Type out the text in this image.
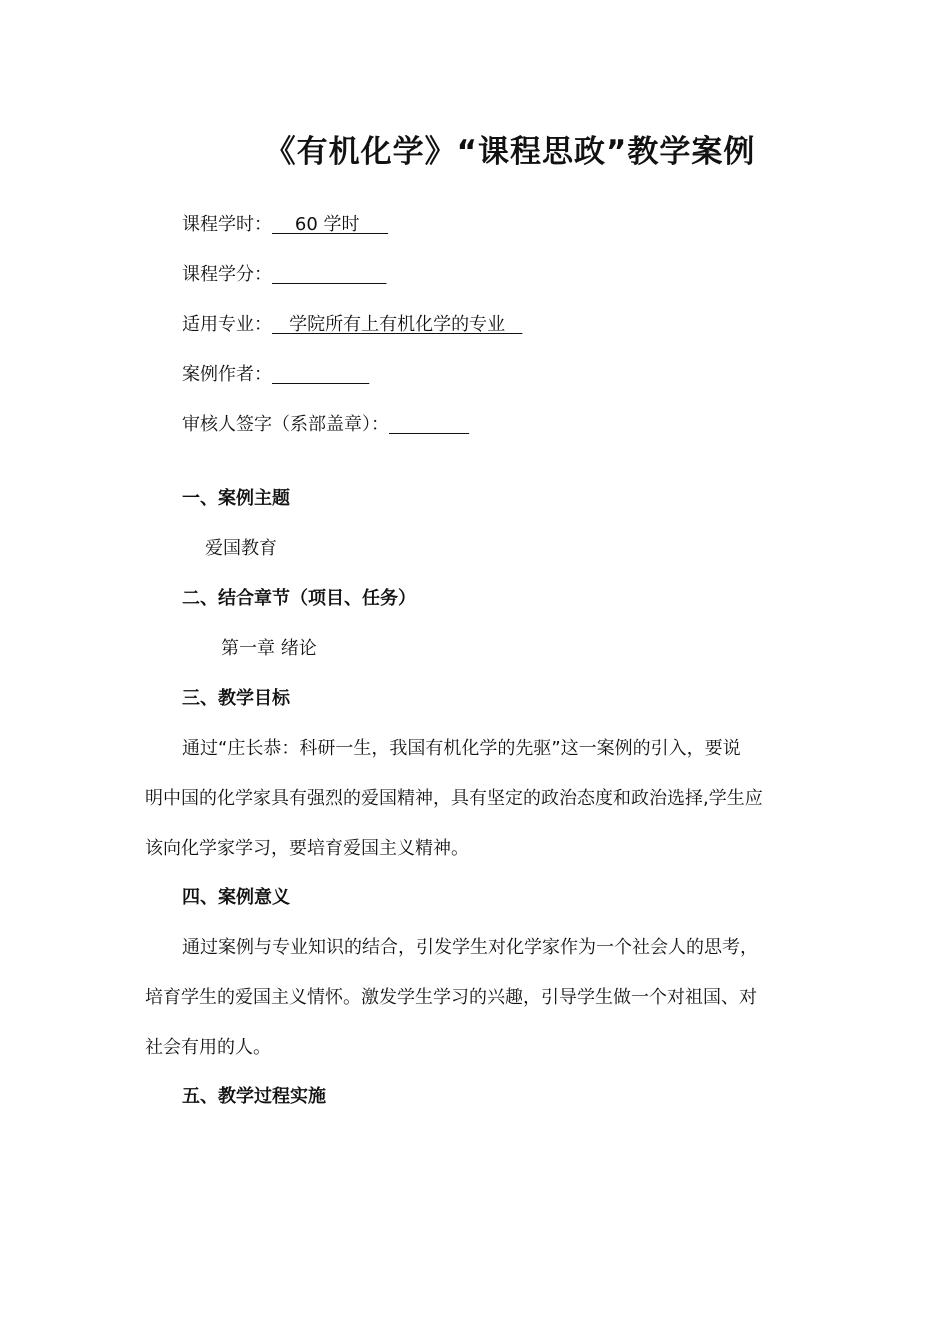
《有机化学》“课程思政”教学案例
课程学时：    60 学时
课程学分：
适用专业：   学院所有上有机化学的专业
案例作者：
审核人签字（系部盖章）：
一、案例主题
爱国教育
二、结合章节（项目、任务）
第一章 绪论
三、教学目标
通过“庄长恭：科研一生，我国有机化学的先驱”这一案例的引入，要说
明中国的化学家具有强烈的爱国精神，具有坚定的政治态度和政治选择,学生应
该向化学家学习，要培育爱国主义精神。
四、案例意义
通过案例与专业知识的结合，引发学生对化学家作为一个社会人的思考，
培育学生的爱国主义情怀。激发学生学习的兴趣，引导学生做一个对祖国、对
社会有用的人。
五、教学过程实施
